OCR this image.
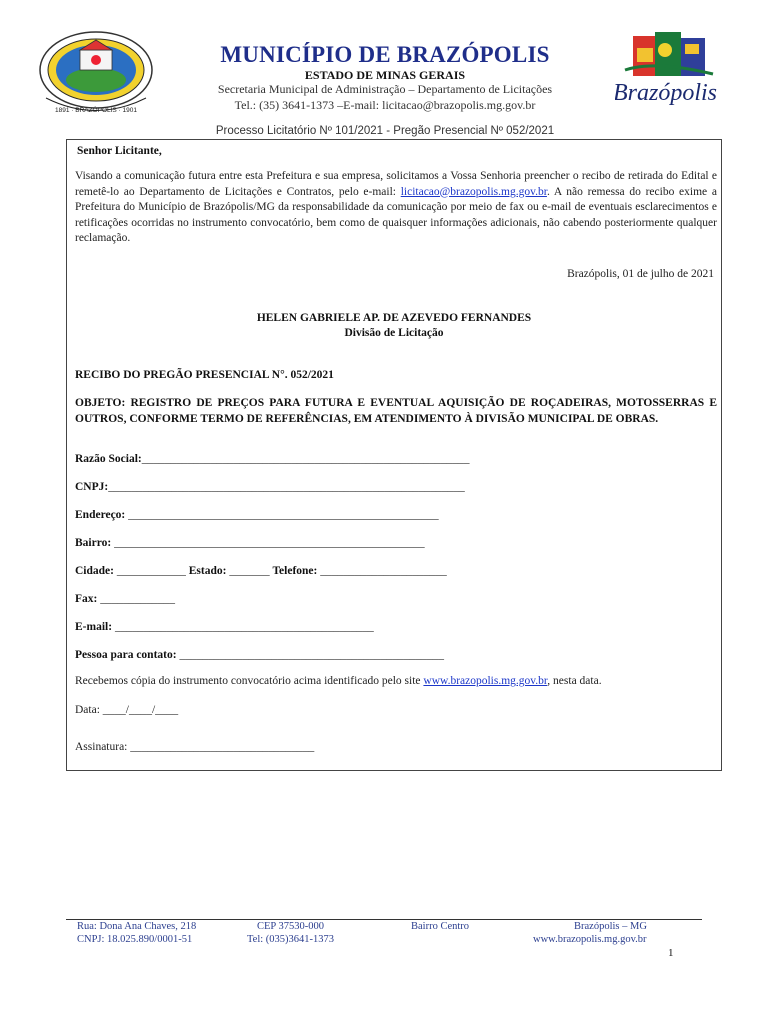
1891 · BRAZÓPOLIS · 1901
Brazópolis
MUNICÍPIO DE BRAZÓPOLIS
ESTADO DE MINAS GERAIS
Secretaria Municipal de Administração – Departamento de Licitações
Tel.: (35) 3641-1373 –E-mail: licitacao@brazopolis.mg.gov.br
Processo Licitatório Nº 101/2021 - Pregão Presencial Nº 052/2021
Senhor Licitante,
Visando a comunicação futura entre esta Prefeitura e sua empresa, solicitamos a Vossa Senhoria preencher o recibo de retirada do Edital e remetê-lo ao Departamento de Licitações e Contratos, pelo e-mail: licitacao@brazopolis.mg.gov.br. A não remessa do recibo exime a Prefeitura do Município de Brazópolis/MG da responsabilidade da comunicação por meio de fax ou e-mail de eventuais esclarecimentos e retificações ocorridas no instrumento convocatório, bem como de quaisquer informações adicionais, não cabendo posteriormente qualquer reclamação.
Brazópolis, 01 de julho de 2021
HELEN GABRIELE AP. DE AZEVEDO FERNANDES
Divisão de Licitação
RECIBO DO PREGÃO PRESENCIAL N°. 052/2021
OBJETO: REGISTRO DE PREÇOS PARA FUTURA E EVENTUAL AQUISIÇÃO DE ROÇADEIRAS, MOTOSSERRAS E OUTROS, CONFORME TERMO DE REFERÊNCIAS, EM ATENDIMENTO À DIVISÃO MUNICIPAL DE OBRAS.
Razão Social:_________________________________________________________
CNPJ:______________________________________________________________
Endereço: ______________________________________________________
Bairro: ______________________________________________________
Cidade: ____________ Estado: _______ Telefone: ______________________
Fax: _____________
E-mail: _____________________________________________
Pessoa para contato: ______________________________________________
Recebemos cópia do instrumento convocatório acima identificado pelo site www.brazopolis.mg.gov.br, nesta data.
Data: ____/____/____
Assinatura: ________________________________
Rua: Dona Ana Chaves, 218
CNPJ: 18.025.890/0001-51
CEP 37530-000
Tel: (035)3641-1373
Bairro Centro	Brazópolis – MG
www.brazopolis.mg.gov.br
1
